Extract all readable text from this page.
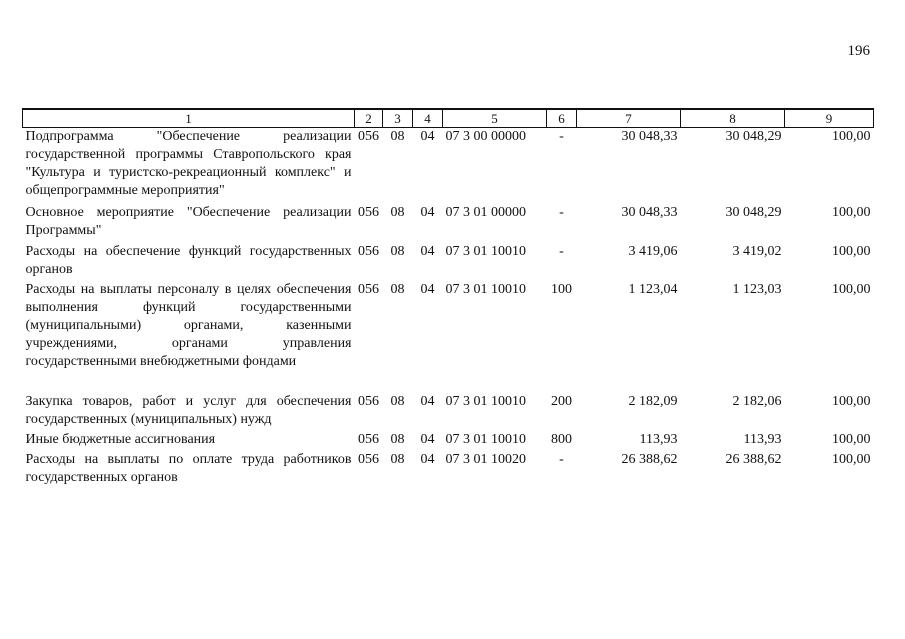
196
1	2	3	4	5	6	7	8	9
Подпрограмма "Обеспечение реализации государственной программы Ставропольского края "Культура и туристско-рекреационный комплекс" и общепрограммные мероприятия"	056	08	04	07 3 00 00000	-	30 048,33	30 048,29	100,00
Основное мероприятие "Обеспечение реализации Программы"	056	08	04	07 3 01 00000	-	30 048,33	30 048,29	100,00
Расходы на обеспечение функций государственных органов	056	08	04	07 3 01 10010	-	3 419,06	3 419,02	100,00
Расходы на выплаты персоналу в целях обеспечения выполнения функций государственными (муниципальными) органами, казенными учреждениями, органами управления государственными внебюджетными фондами	056	08	04	07 3 01 10010	100	1 123,04	1 123,03	100,00

Закупка товаров, работ и услуг для обеспечения государственных (муниципальных) нужд	056	08	04	07 3 01 10010	200	2 182,09	2 182,06	100,00
Иные бюджетные ассигнования	056	08	04	07 3 01 10010	800	113,93	113,93	100,00
Расходы на выплаты по оплате труда работников государственных органов	056	08	04	07 3 01 10020	-	26 388,62	26 388,62	100,00
